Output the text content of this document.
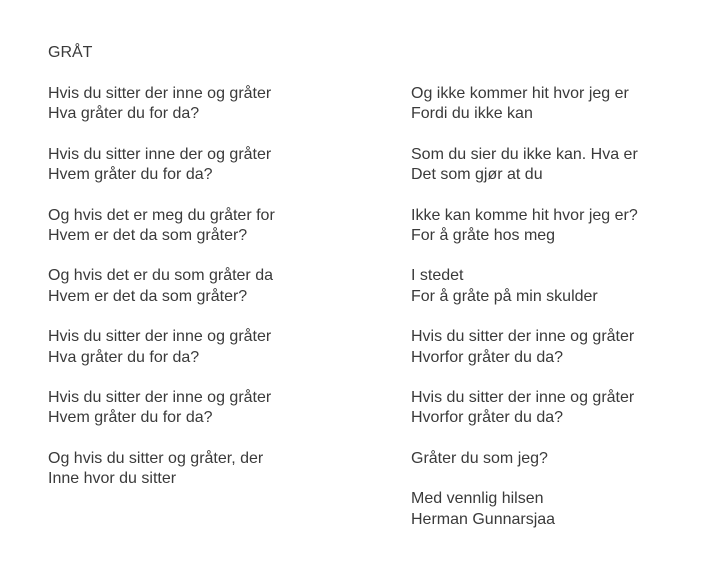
GRÅT
Hvis du sitter der inne og gråter
Hva gråter du for da?
Hvis du sitter inne der og gråter
Hvem gråter du for da?
Og hvis det er meg du gråter for
Hvem er det da som gråter?
Og hvis det er du som gråter da
Hvem er det da som gråter?
Hvis du sitter der inne og gråter
Hva gråter du for da?
Hvis du sitter der inne og gråter
Hvem gråter du for da?
Og hvis du sitter og gråter, der
Inne hvor du sitter
Og ikke kommer hit hvor jeg er
Fordi du ikke kan
Som du sier du ikke kan. Hva er
Det som gjør at du
Ikke kan komme hit hvor jeg er?
For å gråte hos meg
I stedet
For å gråte på min skulder
Hvis du sitter der inne og gråter
Hvorfor gråter du da?
Hvis du sitter der inne og gråter
Hvorfor gråter du da?
Gråter du som jeg?
Med vennlig hilsen
Herman Gunnarsjaa
